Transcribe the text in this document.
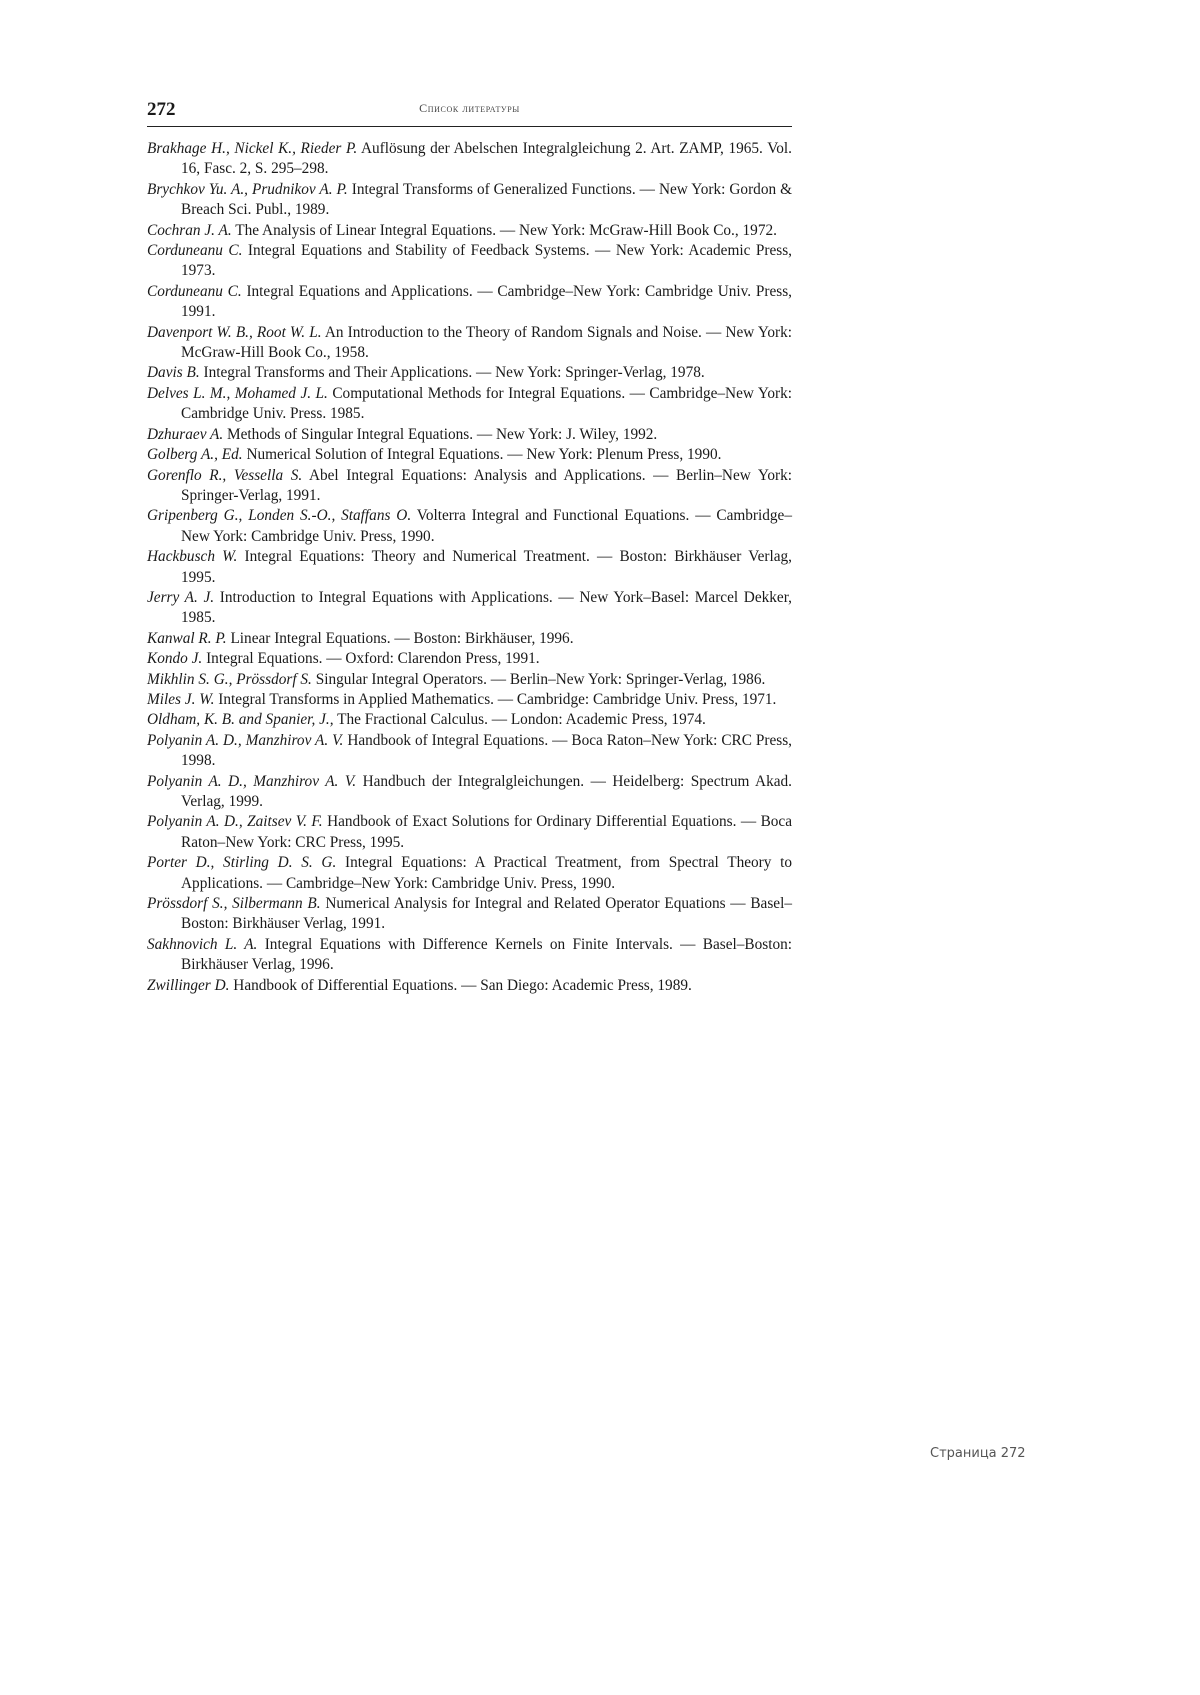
272	Список литературы
Brakhage H., Nickel K., Rieder P. Auflösung der Abelschen Integralgleichung 2. Art. ZAMP, 1965. Vol. 16, Fasc. 2, S. 295–298.
Brychkov Yu. A., Prudnikov A. P. Integral Transforms of Generalized Functions. — New York: Gordon & Breach Sci. Publ., 1989.
Cochran J. A. The Analysis of Linear Integral Equations. — New York: McGraw-Hill Book Co., 1972.
Corduneanu C. Integral Equations and Stability of Feedback Systems. — New York: Academic Press, 1973.
Corduneanu C. Integral Equations and Applications. — Cambridge–New York: Cambridge Univ. Press, 1991.
Davenport W. B., Root W. L. An Introduction to the Theory of Random Signals and Noise. — New York: McGraw-Hill Book Co., 1958.
Davis B. Integral Transforms and Their Applications. — New York: Springer-Verlag, 1978.
Delves L. M., Mohamed J. L. Computational Methods for Integral Equations. — Cambridge–New York: Cambridge Univ. Press. 1985.
Dzhuraev A. Methods of Singular Integral Equations. — New York: J. Wiley, 1992.
Golberg A., Ed. Numerical Solution of Integral Equations. — New York: Plenum Press, 1990.
Gorenflo R., Vessella S. Abel Integral Equations: Analysis and Applications. — Berlin–New York: Springer-Verlag, 1991.
Gripenberg G., Londen S.-O., Staffans O. Volterra Integral and Functional Equations. — Cambridge–New York: Cambridge Univ. Press, 1990.
Hackbusch W. Integral Equations: Theory and Numerical Treatment. — Boston: Birkhäuser Verlag, 1995.
Jerry A. J. Introduction to Integral Equations with Applications. — New York–Basel: Marcel Dekker, 1985.
Kanwal R. P. Linear Integral Equations. — Boston: Birkhäuser, 1996.
Kondo J. Integral Equations. — Oxford: Clarendon Press, 1991.
Mikhlin S. G., Prössdorf S. Singular Integral Operators. — Berlin–New York: Springer-Verlag, 1986.
Miles J. W. Integral Transforms in Applied Mathematics. — Cambridge: Cambridge Univ. Press, 1971.
Oldham, K. B. and Spanier, J., The Fractional Calculus. — London: Academic Press, 1974.
Polyanin A. D., Manzhirov A. V. Handbook of Integral Equations. — Boca Raton–New York: CRC Press, 1998.
Polyanin A. D., Manzhirov A. V. Handbuch der Integralgleichungen. — Heidelberg: Spectrum Akad. Verlag, 1999.
Polyanin A. D., Zaitsev V. F. Handbook of Exact Solutions for Ordinary Differential Equations. — Boca Raton–New York: CRC Press, 1995.
Porter D., Stirling D. S. G. Integral Equations: A Practical Treatment, from Spectral Theory to Applications. — Cambridge–New York: Cambridge Univ. Press, 1990.
Prössdorf S., Silbermann B. Numerical Analysis for Integral and Related Operator Equations — Basel–Boston: Birkhäuser Verlag, 1991.
Sakhnovich L. A. Integral Equations with Difference Kernels on Finite Intervals. — Basel–Boston: Birkhäuser Verlag, 1996.
Zwillinger D. Handbook of Differential Equations. — San Diego: Academic Press, 1989.
Страница 272
